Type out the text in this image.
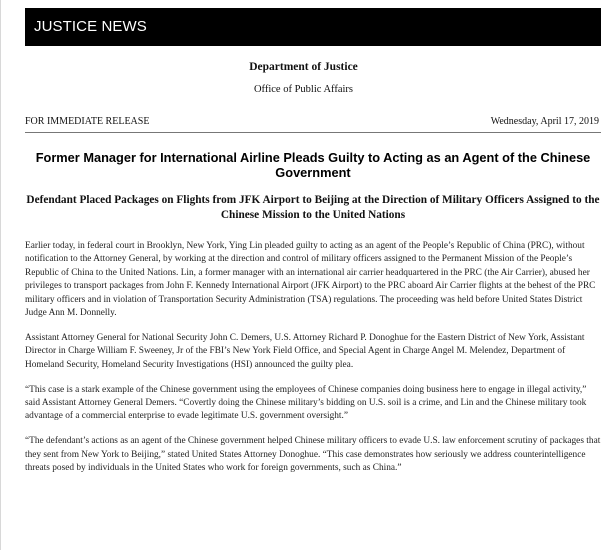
JUSTICE NEWS
Department of Justice
Office of Public Affairs
FOR IMMEDIATE RELEASE	Wednesday, April 17, 2019
Former Manager for International Airline Pleads Guilty to Acting as an Agent of the Chinese Government
Defendant Placed Packages on Flights from JFK Airport to Beijing at the Direction of Military Officers Assigned to the Chinese Mission to the United Nations

Earlier today, in federal court in Brooklyn, New York, Ying Lin pleaded guilty to acting as an agent of the People’s Republic of China (PRC), without notification to the Attorney General, by working at the direction and control of military officers assigned to the Permanent Mission of the People’s Republic of China to the United Nations. Lin, a former manager with an international air carrier headquartered in the PRC (the Air Carrier), abused her privileges to transport packages from John F. Kennedy International Airport (JFK Airport) to the PRC aboard Air Carrier flights at the behest of the PRC military officers and in violation of Transportation Security Administration (TSA) regulations. The proceeding was held before United States District Judge Ann M. Donnelly.

Assistant Attorney General for National Security John C. Demers, U.S. Attorney Richard P. Donoghue for the Eastern District of New York, Assistant Director in Charge William F. Sweeney, Jr of the FBI’s New York Field Office, and Special Agent in Charge Angel M. Melendez, Department of Homeland Security, Homeland Security Investigations (HSI) announced the guilty plea.

“This case is a stark example of the Chinese government using the employees of Chinese companies doing business here to engage in illegal activity,” said Assistant Attorney General Demers. “Covertly doing the Chinese military’s bidding on U.S. soil is a crime, and Lin and the Chinese military took advantage of a commercial enterprise to evade legitimate U.S. government oversight.”

“The defendant’s actions as an agent of the Chinese government helped Chinese military officers to evade U.S. law enforcement scrutiny of packages that they sent from New York to Beijing,” stated United States Attorney Donoghue. “This case demonstrates how seriously we address counterintelligence threats posed by individuals in the United States who work for foreign governments, such as China.”
